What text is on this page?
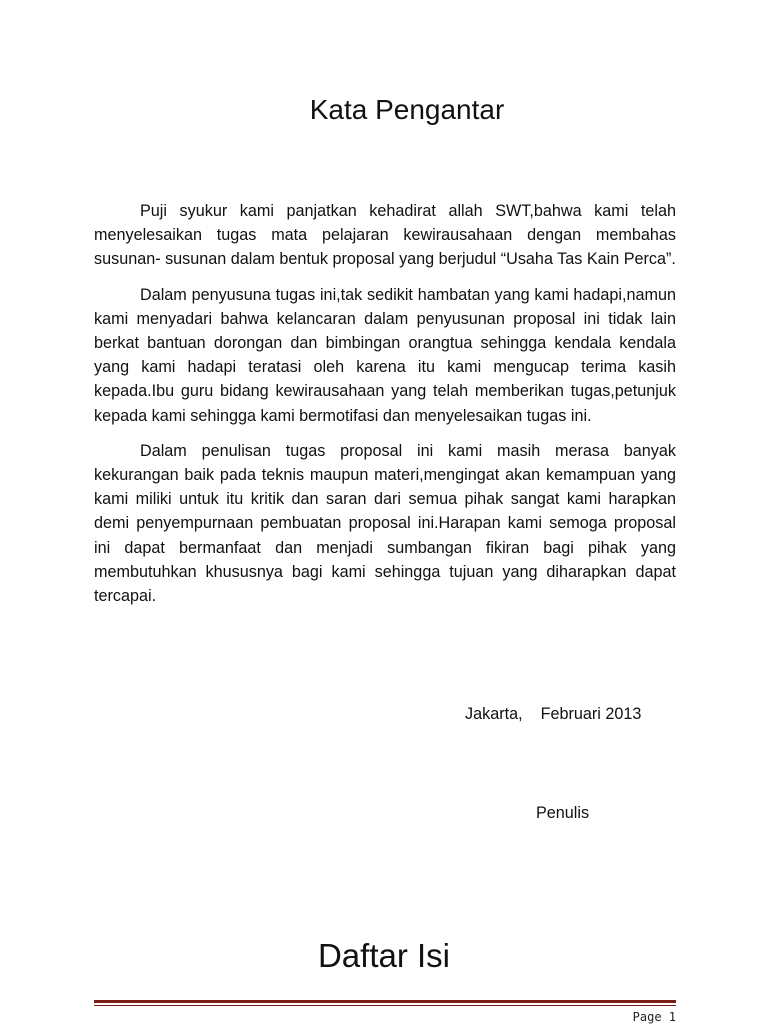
Kata Pengantar

Puji syukur kami panjatkan kehadirat allah SWT,bahwa kami telah menyelesaikan tugas mata pelajaran kewirausahaan dengan membahas susunan- susunan dalam bentuk proposal yang berjudul “Usaha Tas Kain Perca”.

Dalam penyusuna tugas ini,tak sedikit hambatan yang kami hadapi,namun kami menyadari bahwa kelancaran dalam penyusunan proposal ini tidak lain berkat bantuan dorongan dan bimbingan orangtua sehingga kendala kendala yang kami hadapi teratasi oleh karena itu kami mengucap terima kasih kepada.Ibu guru bidang kewirausahaan yang telah memberikan tugas,petunjuk kepada kami sehingga kami bermotifasi dan menyelesaikan tugas ini.

Dalam penulisan tugas proposal ini kami masih merasa banyak kekurangan baik pada teknis maupun materi,mengingat akan kemampuan yang kami miliki untuk itu kritik dan saran dari semua pihak sangat kami harapkan demi penyempurnaan pembuatan proposal ini.Harapan kami semoga proposal ini dapat bermanfaat dan menjadi sumbangan fikiran bagi pihak yang membutuhkan khususnya bagi kami sehingga tujuan yang diharapkan dapat tercapai.

Jakarta,    Februari 2013
Penulis
Daftar Isi
Page 1
